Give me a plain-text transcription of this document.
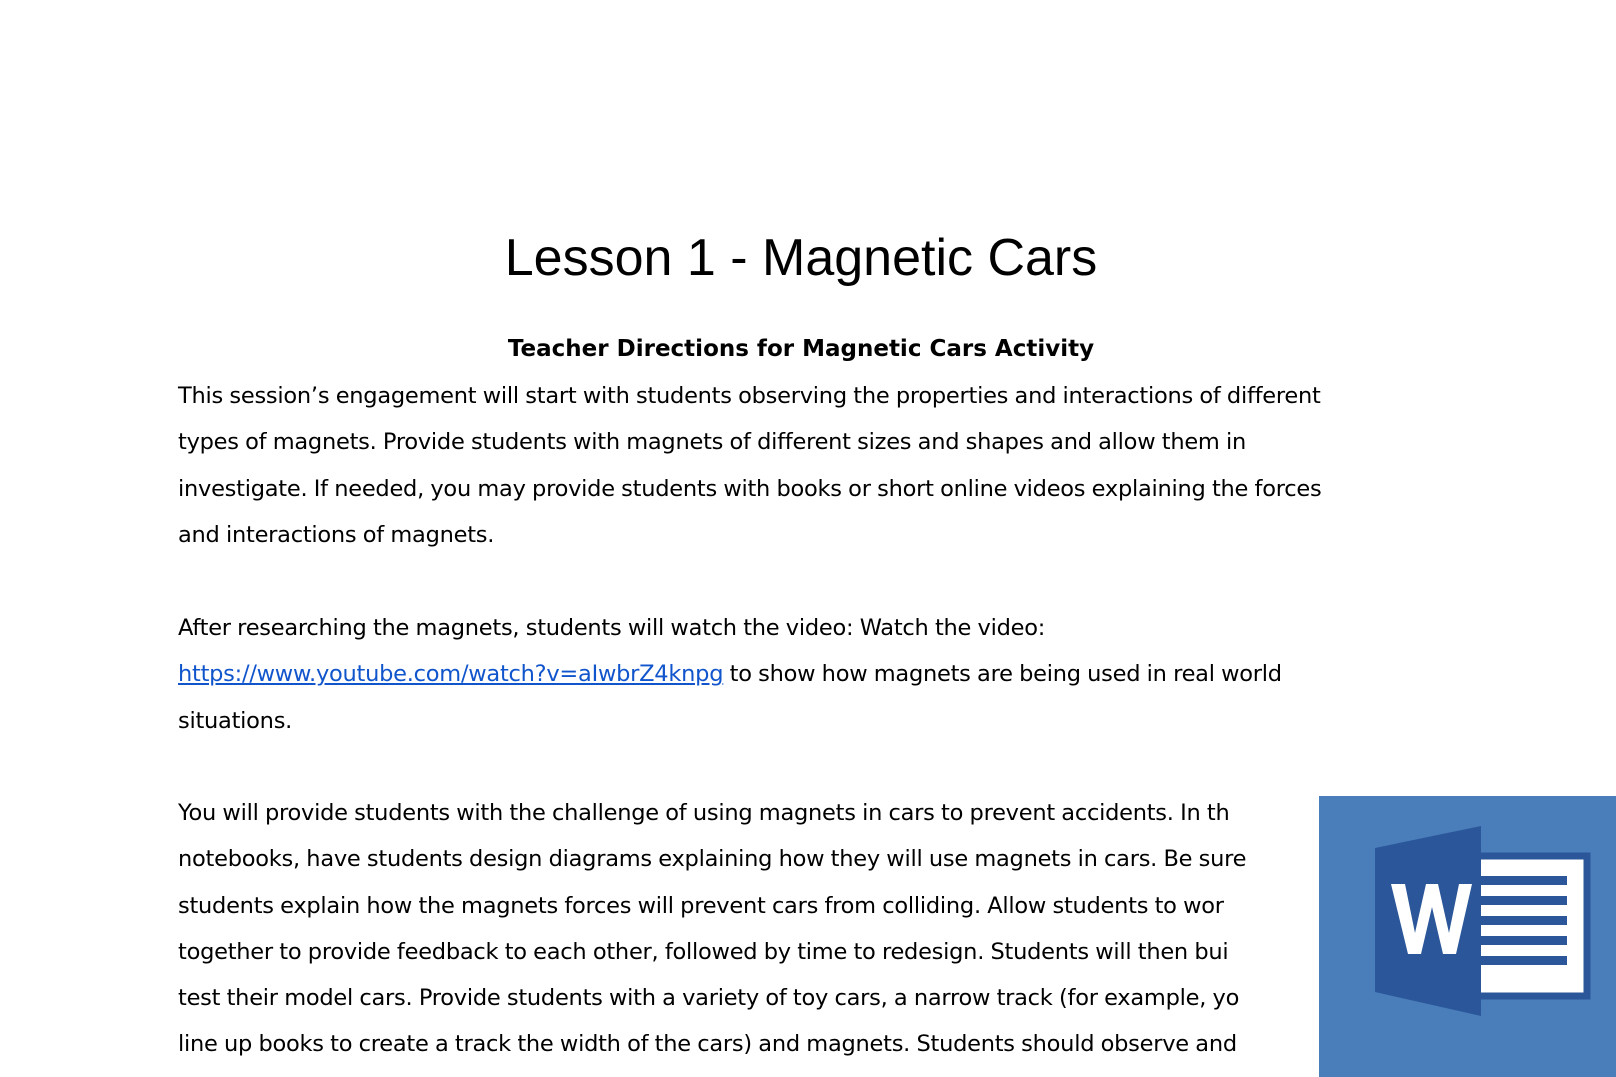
Lesson 1 - Magnetic Cars

Teacher Directions for Magnetic Cars Activity

This session’s engagement will start with students observing the properties and interactions of different
types of magnets. Provide students with magnets of different sizes and shapes and allow them in
investigate. If needed, you may provide students with books or short online videos explaining the forces
and interactions of magnets.

After researching the magnets, students will watch the video: Watch the video:
https://www.youtube.com/watch?v=aIwbrZ4knpg to show how magnets are being used in real world
situations.

You will provide students with the challenge of using magnets in cars to prevent accidents. In th
notebooks, have students design diagrams explaining how they will use magnets in cars. Be sure
students explain how the magnets forces will prevent cars from colliding. Allow students to wor
together to provide feedback to each other, followed by time to redesign. Students will then bui
test their model cars. Provide students with a variety of toy cars, a narrow track (for example, yo
line up books to create a track the width of the cars) and magnets. Students should observe and
